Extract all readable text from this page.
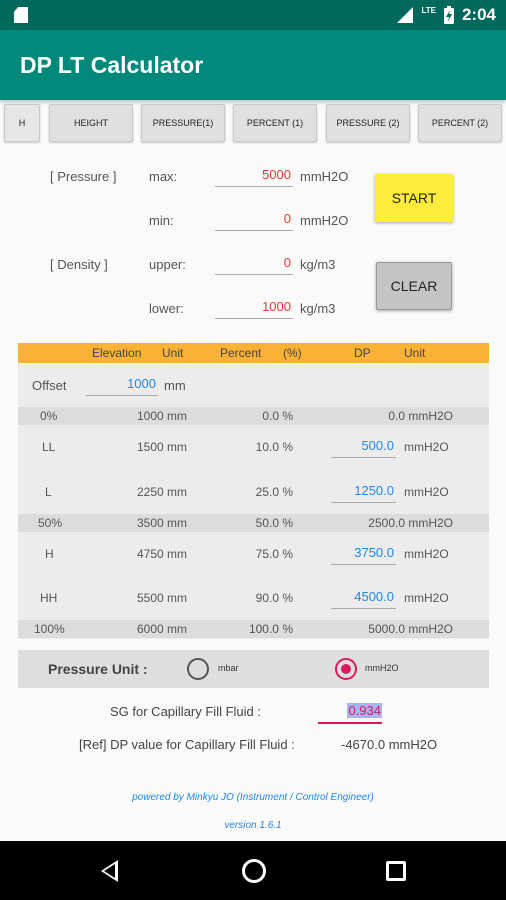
LTE 2:04
DP LT Calculator
H	HEIGHT	PRESSURE(1)	PERCENT (1)	PRESSURE (2)	PERCENT (2)
[ Pressure ]	max:	5000 mmH2O
min:	0 mmH2O
[ Density ]	upper:	0 kg/m3
lower:	1000 kg/m3
START
CLEAR
Elevation Unit	Percent (%)	DP	Unit
Offset	1000 mm
0%	1000 mm	0.0 %	0.0 mmH2O
LL	1500 mm	10.0 %	500.0 mmH2O
L	2250 mm	25.0 %	1250.0 mmH2O
50%	3500 mm	50.0 %	2500.0 mmH2O
H	4750 mm	75.0 %	3750.0 mmH2O
HH	5500 mm	90.0 %	4500.0 mmH2O
100%	6000 mm	100.0 %	5000.0 mmH2O
Pressure Unit :	mbar	mmH2O
SG for Capillary Fill Fluid :	0.934
[Ref] DP value for Capillary Fill Fluid :	-4670.0 mmH2O
powered by Minkyu JO (Instrument / Control Engineer)
version 1.6.1
